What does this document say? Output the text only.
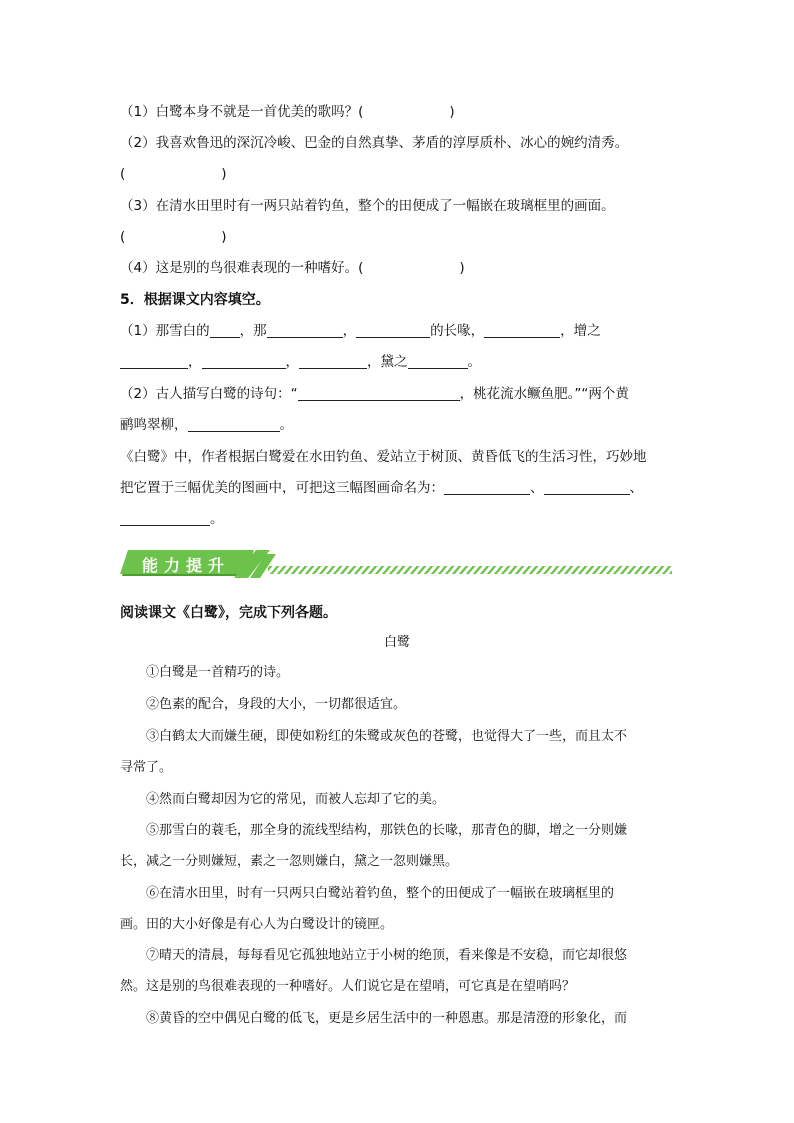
（1）白鹭本身不就是一首优美的歌吗？(	)
（2）我喜欢鲁迅的深沉冷峻、巴金的自然真挚、茅盾的淳厚质朴、冰心的婉约清秀。
(	)
（3）在清水田里时有一两只站着钓鱼，整个的田便成了一幅嵌在玻璃框里的画面。
(	)
（4）这是别的鸟很难表现的一种嗜好。(	)
5．根据课文内容填空。
（1）那雪白的 ，那	，	的长喙，	，增之
，	，	，黛之	。
（2）古人描写白鹭的诗句：“	，桃花流水鳜鱼肥。”“两个黄
鹂鸣翠柳，	。
《白鹭》中，作者根据白鹭爱在水田钓鱼、爱站立于树顶、黄昏低飞的生活习性，巧妙地
把它置于三幅优美的图画中，可把这三幅图画命名为：	、	、
。
能力提升
阅读课文《白鹭》，完成下列各题。
白鹭
①白鹭是一首精巧的诗。
②色素的配合，身段的大小，一切都很适宜。
③白鹤太大而嫌生硬，即使如粉红的朱鹭或灰色的苍鹭，也觉得大了一些，而且太不
寻常了。
④然而白鹭却因为它的常见，而被人忘却了它的美。
⑤那雪白的蓑毛，那全身的流线型结构，那铁色的长喙，那青色的脚，增之一分则嫌
长，减之一分则嫌短，素之一忽则嫌白，黛之一忽则嫌黑。
⑥在清水田里，时有一只两只白鹭站着钓鱼，整个的田便成了一幅嵌在玻璃框里的
画。田的大小好像是有心人为白鹭设计的镜匣。
⑦晴天的清晨，每每看见它孤独地站立于小树的绝顶，看来像是不安稳，而它却很悠
然。这是别的鸟很难表现的一种嗜好。人们说它是在望哨，可它真是在望哨吗？
⑧黄昏的空中偶见白鹭的低飞，更是乡居生活中的一种恩惠。那是清澄的形象化，而
